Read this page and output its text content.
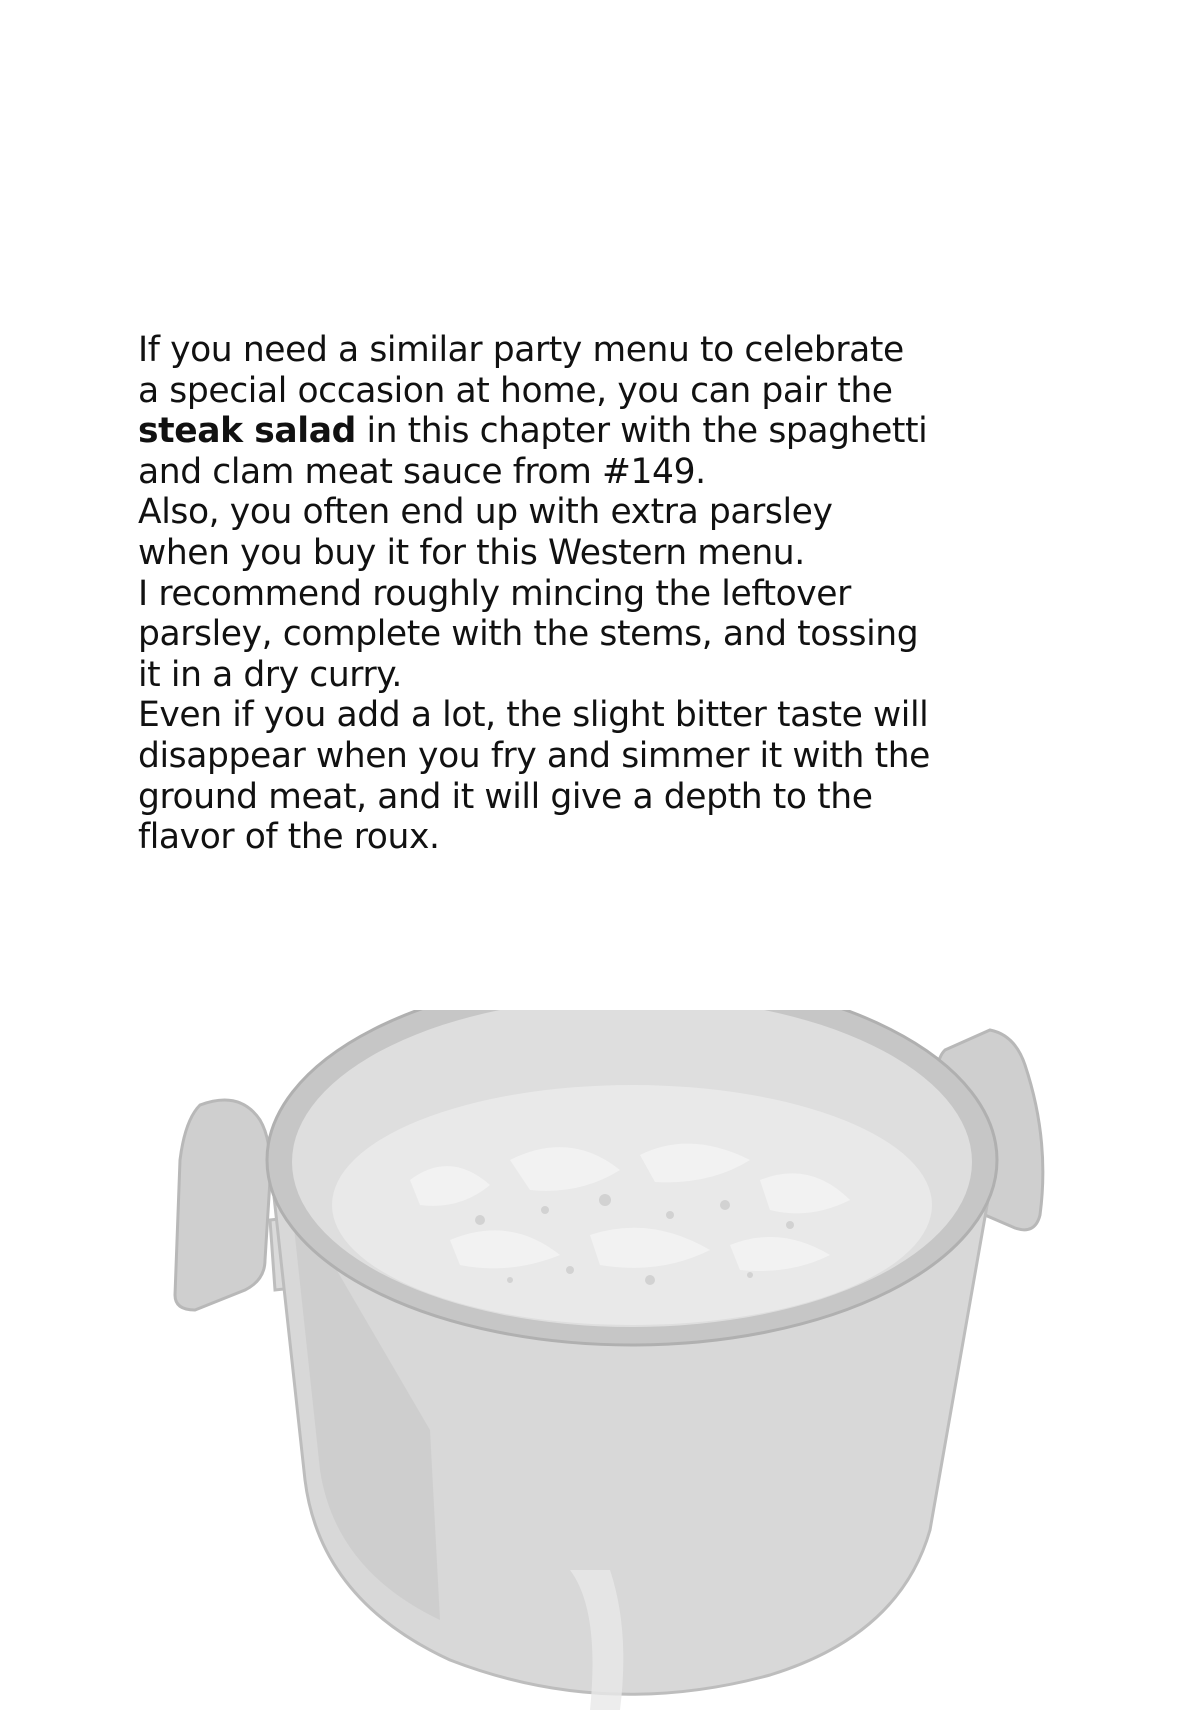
If you need a similar party menu to celebrate
a special occasion at home, you can pair the
steak salad in this chapter with the spaghetti
and clam meat sauce from #149.
Also, you often end up with extra parsley
when you buy it for this Western menu.
I recommend roughly mincing the leftover
parsley, complete with the stems, and tossing
it in a dry curry.
Even if you add a lot, the slight bitter taste will
disappear when you fry and simmer it with the
ground meat, and it will give a depth to the
flavor of the roux.
